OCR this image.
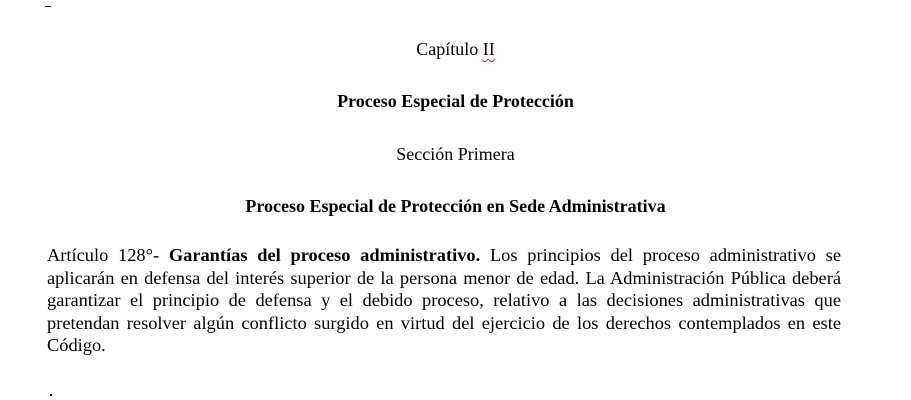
Capítulo II
Proceso Especial de Protección
Sección Primera
Proceso Especial de Protección en Sede Administrativa
Artículo 128°- Garantías del proceso administrativo. Los principios del proceso administrativo se aplicarán en defensa del interés superior de la persona menor de edad. La Administración Pública deberá garantizar el principio de defensa y el debido proceso, relativo a las decisiones administrativas que pretendan resolver algún conflicto surgido en virtud del ejercicio de los derechos contemplados en este Código.
